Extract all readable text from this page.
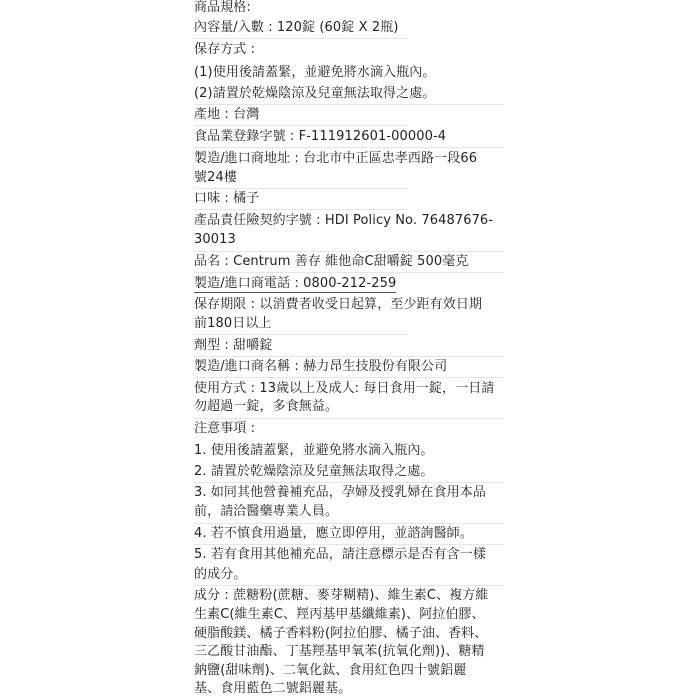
商品規格:
內容量/入數 : 120錠 (60錠 X 2瓶)
保存方式 :
(1)使用後請蓋緊，並避免將水滴入瓶內。
(2)請置於乾燥陰涼及兒童無法取得之處。
產地 : 台灣
食品業登錄字號 : F-111912601-00000-4
製造/進口商地址 : 台北市中正區忠孝西路一段66
號24樓
口味 : 橘子
產品責任險契約字號 : HDI Policy No. 76487676-
30013
品名 : Centrum 善存 維他命C甜嚼錠 500毫克
製造/進口商電話 : 0800-212-259
保存期限 : 以消費者收受日起算，至少距有效日期
前180日以上
劑型 : 甜嚼錠
製造/進口商名稱 : 赫力昂生技股份有限公司
使用方式 : 13歲以上及成人: 每日食用一錠，一日請
勿超過一錠，多食無益。
注意事項 :
1. 使用後請蓋緊，並避免將水滴入瓶內。
2. 請置於乾燥陰涼及兒童無法取得之處。
3. 如同其他營養補充品，孕婦及授乳婦在食用本品
前，請洽醫藥專業人員。
4. 若不慎食用過量，應立即停用，並諮詢醫師。
5. 若有食用其他補充品，請注意標示是否有含一樣
的成分。
成分 : 蔗糖粉(蔗糖、麥芽糊精)、維生素C、複方維
生素C(維生素C、羥丙基甲基纖維素)、阿拉伯膠、
硬脂酸鎂、橘子香料粉(阿拉伯膠、橘子油、香料、
三乙酸甘油酯、丁基羥基甲氧苯(抗氧化劑))、糖精
鈉鹽(甜味劑)、二氧化鈦、食用紅色四十號鋁麗
基、食用藍色二號鋁麗基。
